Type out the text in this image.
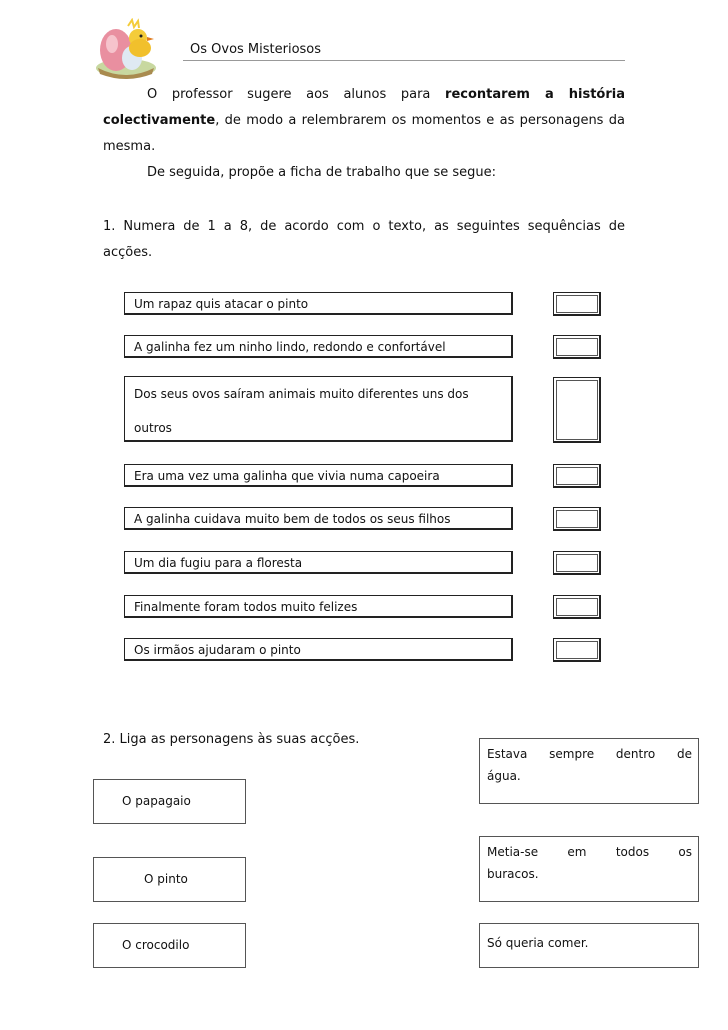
Os Ovos Misteriosos
O professor sugere aos alunos para recontarem a história
colectivamente, de modo a relembrarem os momentos e as personagens da
mesma.
De seguida, propõe a ficha de trabalho que se segue:
1. Numera de 1 a 8, de acordo com o texto, as seguintes sequências de
acções.
Um rapaz quis atacar o pinto
A galinha fez um ninho lindo, redondo e confortável
Dos seus ovos saíram animais muito diferentes uns dos
outros
Era uma vez uma galinha que vivia numa capoeira
A galinha cuidava muito bem de todos os seus filhos
Um dia fugiu para a floresta
Finalmente foram todos muito felizes
Os irmãos ajudaram o pinto
2. Liga as personagens às suas acções.
O papagaio
O pinto
O crocodilo
Estava sempre dentro de
água.
Metia-se em todos os
buracos.
Só queria comer.
